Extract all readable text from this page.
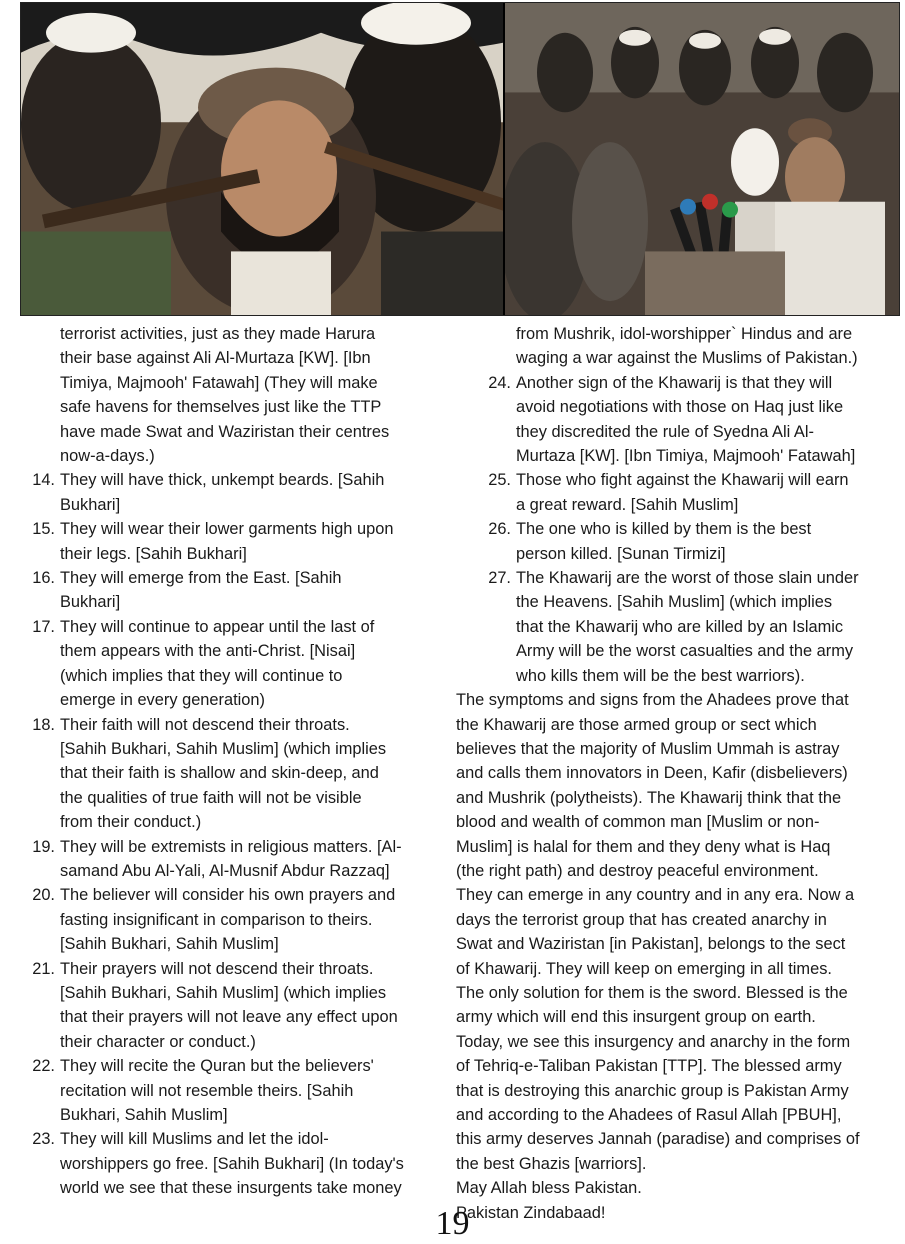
terrorist activities, just as they made Harura
their base against Ali Al-Murtaza [KW]. [Ibn
Timiya, Majmooh' Fatawah] (They will make
safe havens for themselves just like the TTP
have made Swat and Waziristan their centres
now-a-days.)
14. They will have thick, unkempt beards. [Sahih
Bukhari]
15. They will wear their lower garments high upon
their legs. [Sahih Bukhari]
16. They will emerge from the East. [Sahih
Bukhari]
17. They will continue to appear until the last of
them appears with the anti-Christ. [Nisai]
(which implies that they will continue to
emerge in every generation)
18. Their faith will not descend their throats.
[Sahih Bukhari, Sahih Muslim] (which implies
that their faith is shallow and skin-deep, and
the qualities of true faith will not be visible
from their conduct.)
19. They will be extremists in religious matters. [Al-
samand Abu Al-Yali, Al-Musnif Abdur Razzaq]
20. The believer will consider his own prayers and
fasting insignificant in comparison to theirs.
[Sahih Bukhari, Sahih Muslim]
21. Their prayers will not descend their throats.
[Sahih Bukhari, Sahih Muslim] (which implies
that their prayers will not leave any effect upon
their character or conduct.)
22. They will recite the Quran but the believers'
recitation will not resemble theirs. [Sahih
Bukhari, Sahih Muslim]
23. They will kill Muslims and let the idol-
worshippers go free. [Sahih Bukhari] (In today's
world we see that these insurgents take money
from Mushrik, idol-worshipper` Hindus and are
waging a war against the Muslims of Pakistan.)
24. Another sign of the Khawarij is that they will
avoid negotiations with those on Haq just like
they discredited the rule of Syedna Ali Al-
Murtaza [KW]. [Ibn Timiya, Majmooh' Fatawah]
25. Those who fight against the Khawarij will earn
a great reward. [Sahih Muslim]
26. The one who is killed by them is the best
person killed. [Sunan Tirmizi]
27. The Khawarij are the worst of those slain under
the Heavens. [Sahih Muslim] (which implies
that the Khawarij who are killed by an Islamic
Army will be the worst casualties and the army
who kills them will be the best warriors).

The symptoms and signs from the Ahadees prove that
the Khawarij are those armed group or sect which
believes that the majority of Muslim Ummah is astray
and calls them innovators in Deen, Kafir (disbelievers)
and Mushrik (polytheists). The Khawarij think that the
blood and wealth of common man [Muslim or non-
Muslim] is halal for them and they deny what is Haq
(the right path) and destroy peaceful environment.
They can emerge in any country and in any era. Now a
days the terrorist group that has created anarchy in
Swat and Waziristan [in Pakistan], belongs to the sect
of Khawarij. They will keep on emerging in all times.
The only solution for them is the sword. Blessed is the
army which will end this insurgent group on earth.
Today, we see this insurgency and anarchy in the form
of Tehriq-e-Taliban Pakistan [TTP]. The blessed army
that is destroying this anarchic group is Pakistan Army
and according to the Ahadees of Rasul Allah [PBUH],
this army deserves Jannah (paradise) and comprises of
the best Ghazis [warriors].

May Allah bless Pakistan.

Pakistan Zindabaad!

19
